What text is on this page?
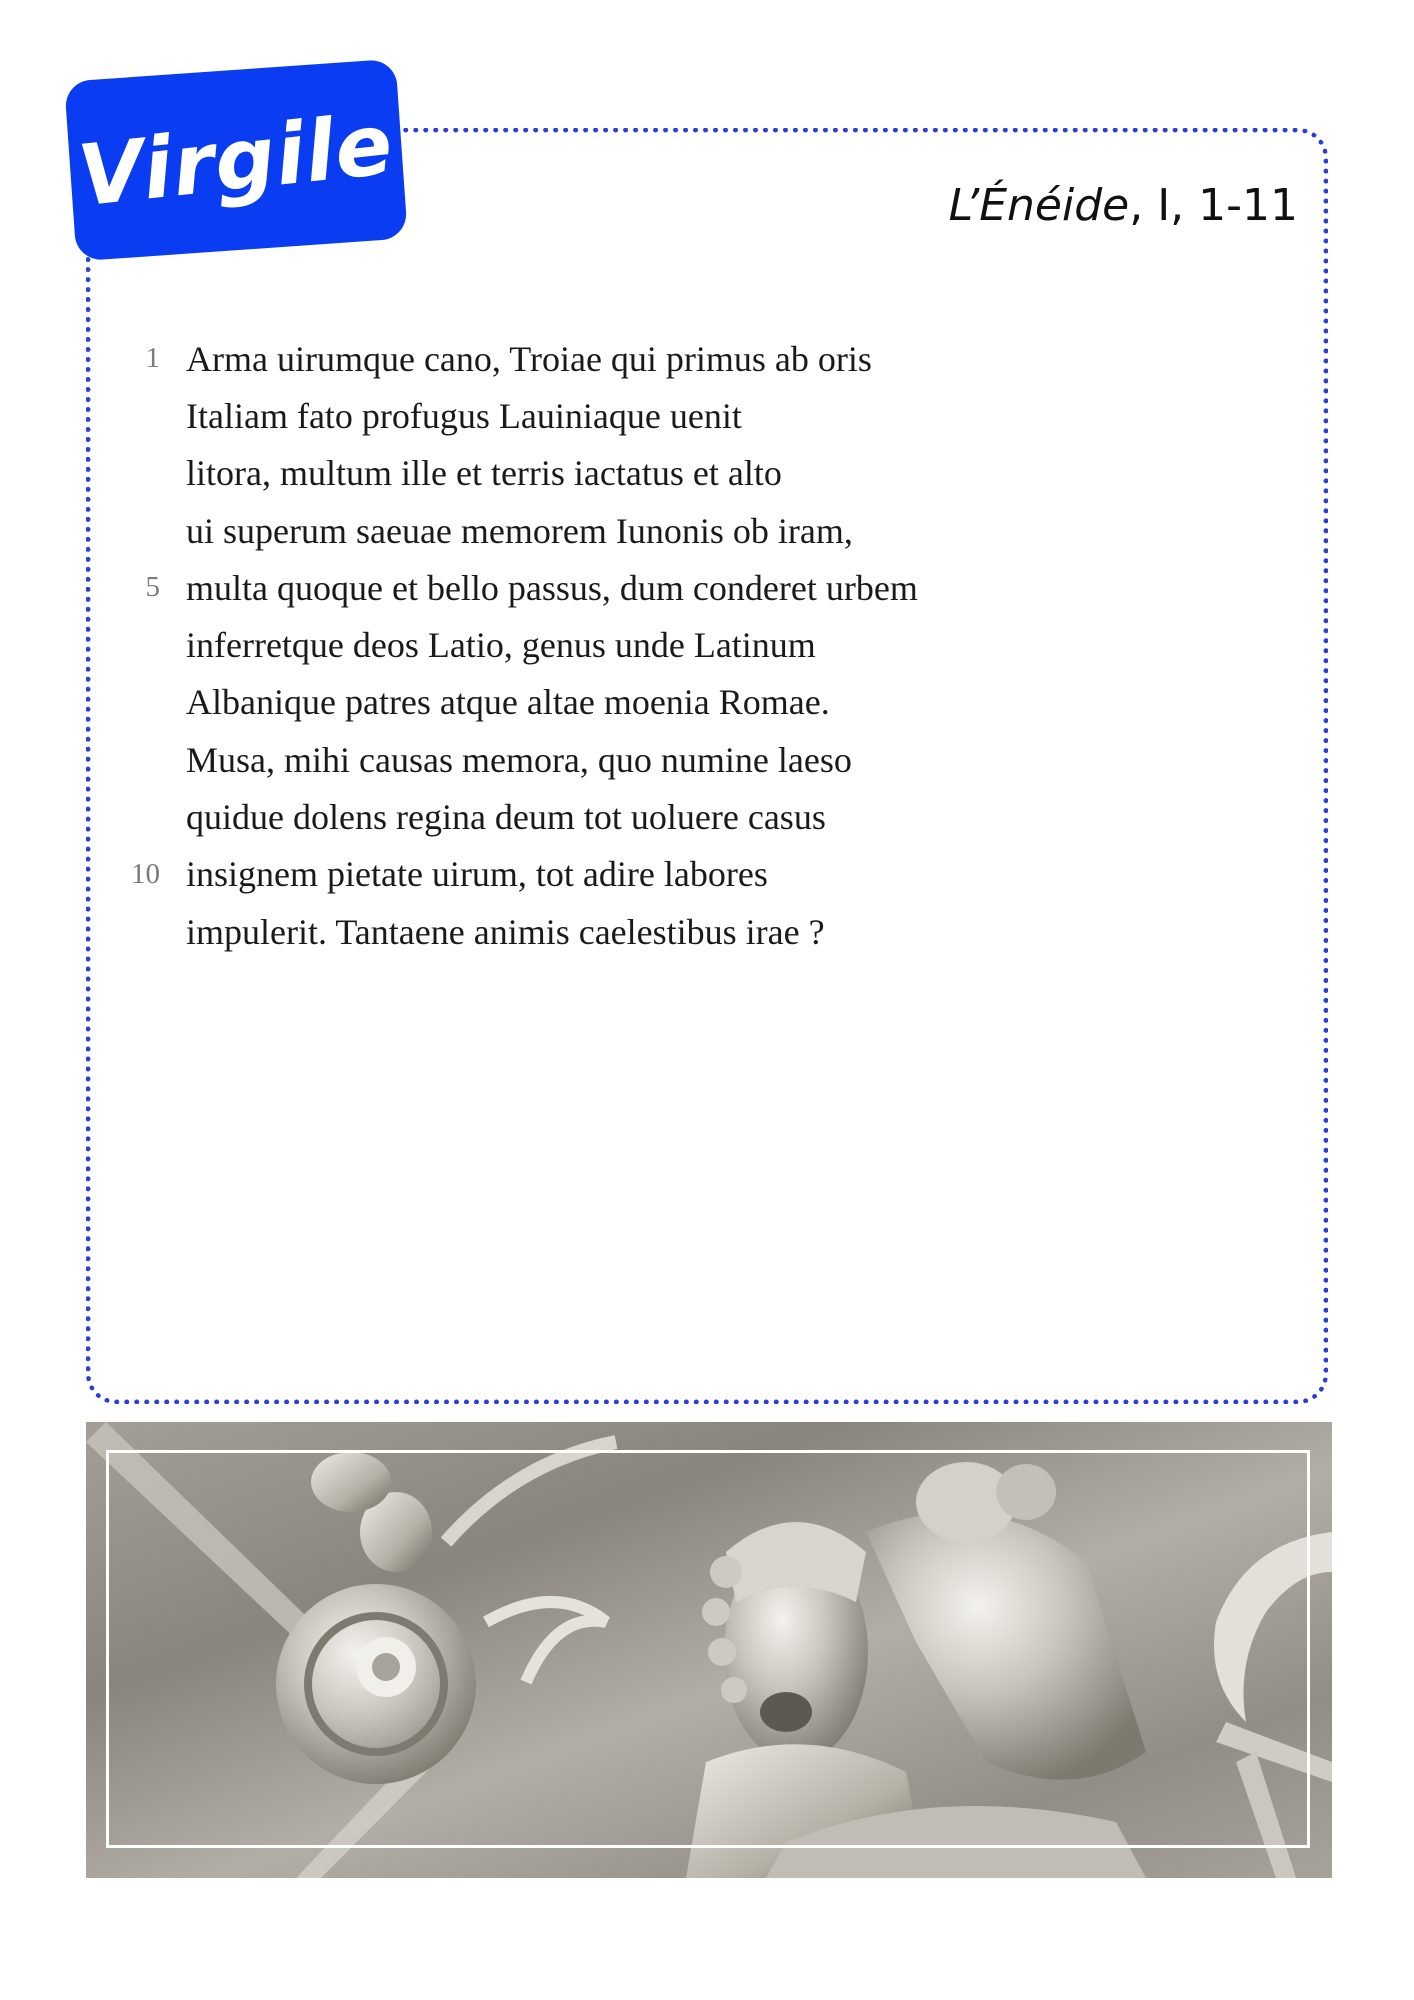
Virgile	L’Énéide, I, 1-11
1 Arma uirumque cano, Troiae qui primus ab oris
Italiam fato profugus Lauiniaque uenit
litora, multum ille et terris iactatus et alto
ui superum saeuae memorem Iunonis ob iram,
5 multa quoque et bello passus, dum conderet urbem
inferretque deos Latio, genus unde Latinum
Albanique patres atque altae moenia Romae.
Musa, mihi causas memora, quo numine laeso
quidue dolens regina deum tot uoluere casus
10 insignem pietate uirum, tot adire labores
impulerit. Tantaene animis caelestibus irae ?
